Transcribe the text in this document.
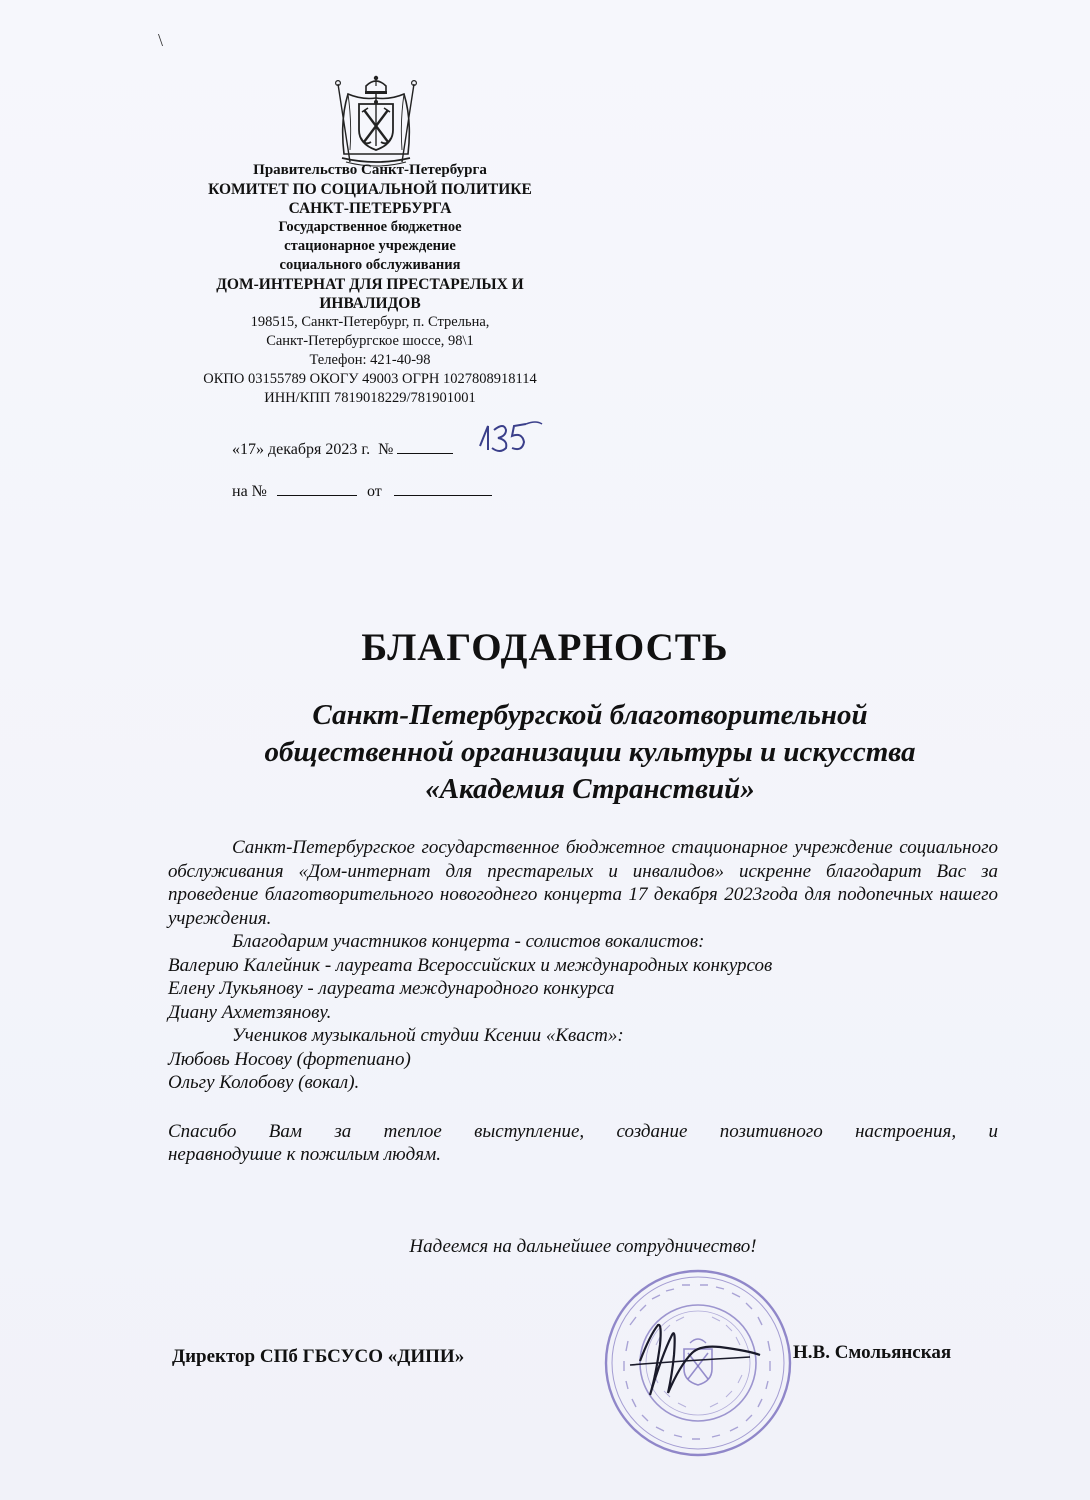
\
Правительство Санкт-Петербурга
КОМИТЕТ ПО СОЦИАЛЬНОЙ ПОЛИТИКЕ
САНКТ-ПЕТЕРБУРГА
Государственное бюджетное
стационарное учреждение
социального обслуживания
ДОМ-ИНТЕРНАТ ДЛЯ ПРЕСТАРЕЛЫХ И
ИНВАЛИДОВ
198515, Санкт-Петербург, п. Стрельна,
Санкт-Петербургское шоссе, 98\1
Телефон: 421-40-98
ОКПО 03155789 ОКОГУ 49003 ОГРН 1027808918114
ИНН/КПП 7819018229/781901001
«17» декабря 2023 г. №
на №	от
БЛАГОДАРНОСТЬ
Санкт-Петербургской благотворительной
общественной организации культуры и искусства
«Академия Странствий»

Санкт-Петербургское государственное бюджетное стационарное учреждение социального обслуживания «Дом-интернат для престарелых и инвалидов» искренне благодарит Вас за проведение благотворительного новогоднего концерта 17 декабря 2023года для подопечных нашего учреждения.

Благодарим участников концерта - солистов вокалистов:

Валерию Калейник - лауреата Всероссийских и международных конкурсов

Елену Лукьянову - лауреата международного конкурса

Диану Ахметзянову.

Учеников музыкальной студии Ксении «Квaст»:

Любовь Носову (фортепиано)

Ольгу Колобову (вокал).

Спасибо Вам за теплое выступление, создание позитивного настроения, и

неравнодушие к пожилым людям.

Надеемся на дальнейшее сотрудничество!
Директор СПб ГБСУСО «ДИПИ»	Н.В. Смольянская
